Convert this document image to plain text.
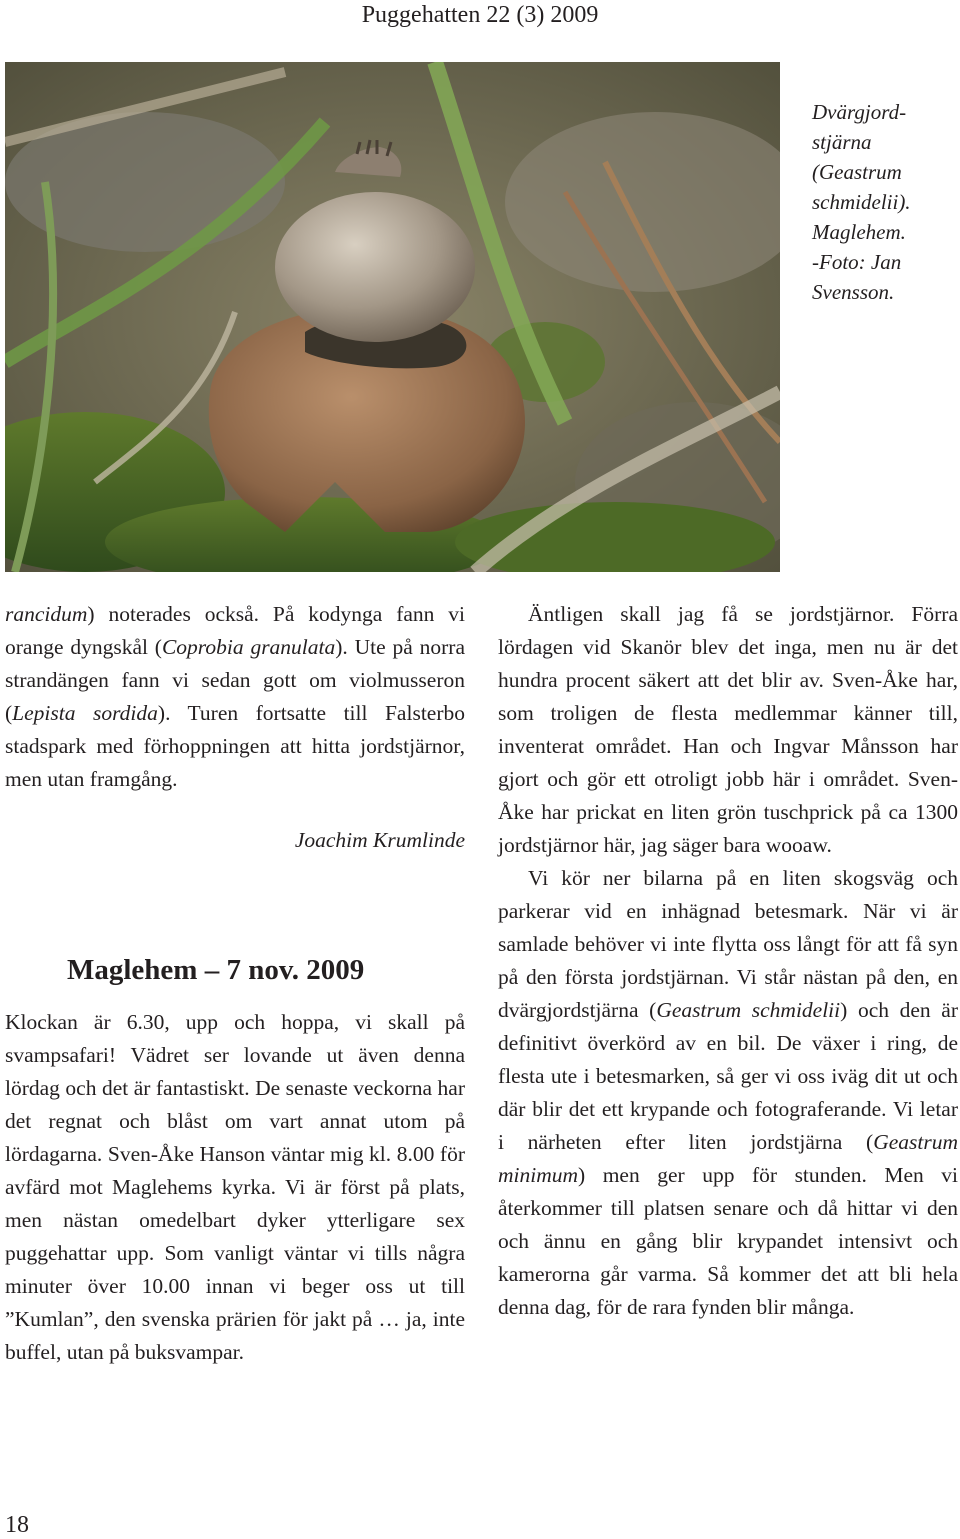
Puggehatten 22 (3) 2009
Dvärgjord-
stjärna
(Geastrum
schmidelii).
Maglehem.
-Foto: Jan
Svensson.

rancidum) noterades också. På kodynga fann vi orange dyngskål (Coprobia granulata). Ute på norra strandängen fann vi sedan gott om violmusseron (Lepista sordida). Turen fortsatte till Falsterbo stadspark med förhoppningen att hitta jordstjärnor, men utan framgång.

Joachim Krumlinde

Maglehem – 7 nov. 2009

Klockan är 6.30, upp och hoppa, vi skall på svampsafari! Vädret ser lovande ut även denna lördag och det är fantastiskt. De senaste veckorna har det regnat och blåst om vart annat utom på lördagarna. Sven-Åke Hanson väntar mig kl. 8.00 för avfärd mot Maglehems kyrka. Vi är först på plats, men nästan omedelbart dyker ytterligare sex puggehattar upp. Som vanligt väntar vi tills några minuter över 10.00 innan vi beger oss ut till ”Kumlan”, den svenska prärien för jakt på … ja, inte buffel, utan på buksvampar.

Äntligen skall jag få se jordstjärnor. Förra lördagen vid Skanör blev det inga, men nu är det hundra procent säkert att det blir av. Sven-Åke har, som troligen de flesta medlemmar känner till, inventerat området. Han och Ingvar Månsson har gjort och gör ett otroligt jobb här i området. Sven-Åke har prickat en liten grön tuschprick på ca 1300 jordstjärnor här, jag säger bara wooaw.

Vi kör ner bilarna på en liten skogsväg och parkerar vid en inhägnad betesmark. När vi är samlade behöver vi inte flytta oss långt för att få syn på den första jordstjärnan. Vi står nästan på den, en dvärgjordstjärna (Geastrum schmidelii) och den är definitivt överkörd av en bil. De växer i ring, de flesta ute i betesmarken, så ger vi oss iväg dit ut och där blir det ett krypande och fotograferande. Vi letar i närheten efter liten jordstjärna (Geastrum minimum) men ger upp för stunden. Men vi återkommer till platsen senare och då hittar vi den och ännu en gång blir krypandet intensivt och kamerorna går varma. Så kommer det att bli hela denna dag, för de rara fynden blir många.

18
